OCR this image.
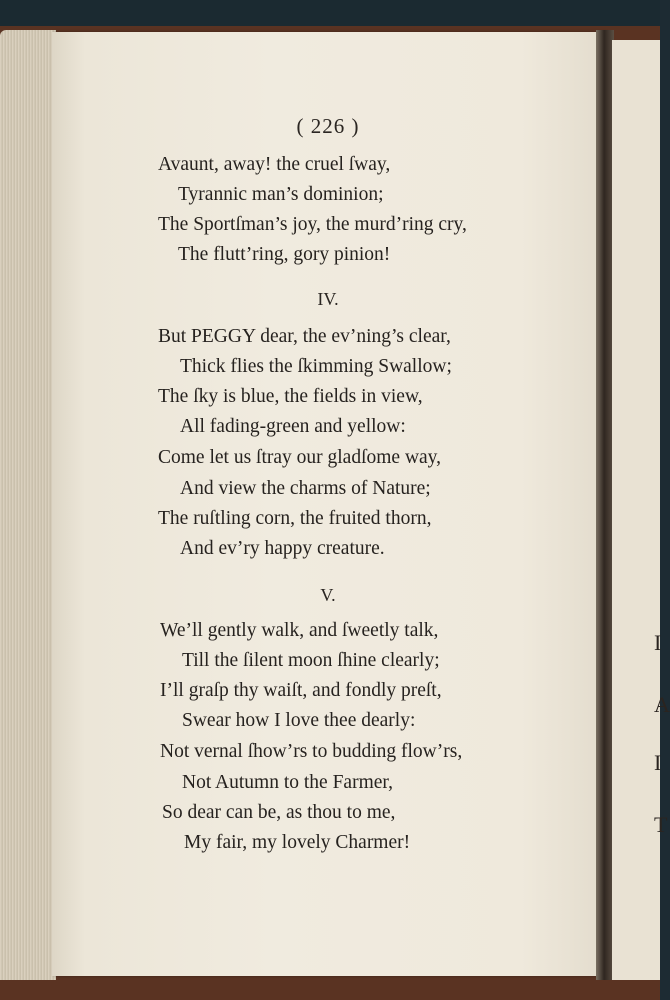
( 226 )
Avaunt, away! the cruel ſway,
Tyrannic man’s dominion;
The Sportſman’s joy, the murd’ring cry,
The flutt’ring, gory pinion!
IV.
But PEGGY dear, the ev’ning’s clear,
Thick flies the ſkimming Swallow;
The ſky is blue, the fields in view,
All fading-green and yellow:
Come let us ſtray our gladſome way,
And view the charms of Nature;
The ruſtling corn, the fruited thorn,
And ev’ry happy creature.
V.
We’ll gently walk, and ſweetly talk,
Till the ſilent moon ſhine clearly;
I’ll graſp thy waiſt, and fondly preſt,
Swear how I love thee dearly:
Not vernal ſhow’rs to budding flow’rs,
Not Autumn to the Farmer,
So dear can be, as thou to me,
My fair, my lovely Charmer!
I
A
I
T
